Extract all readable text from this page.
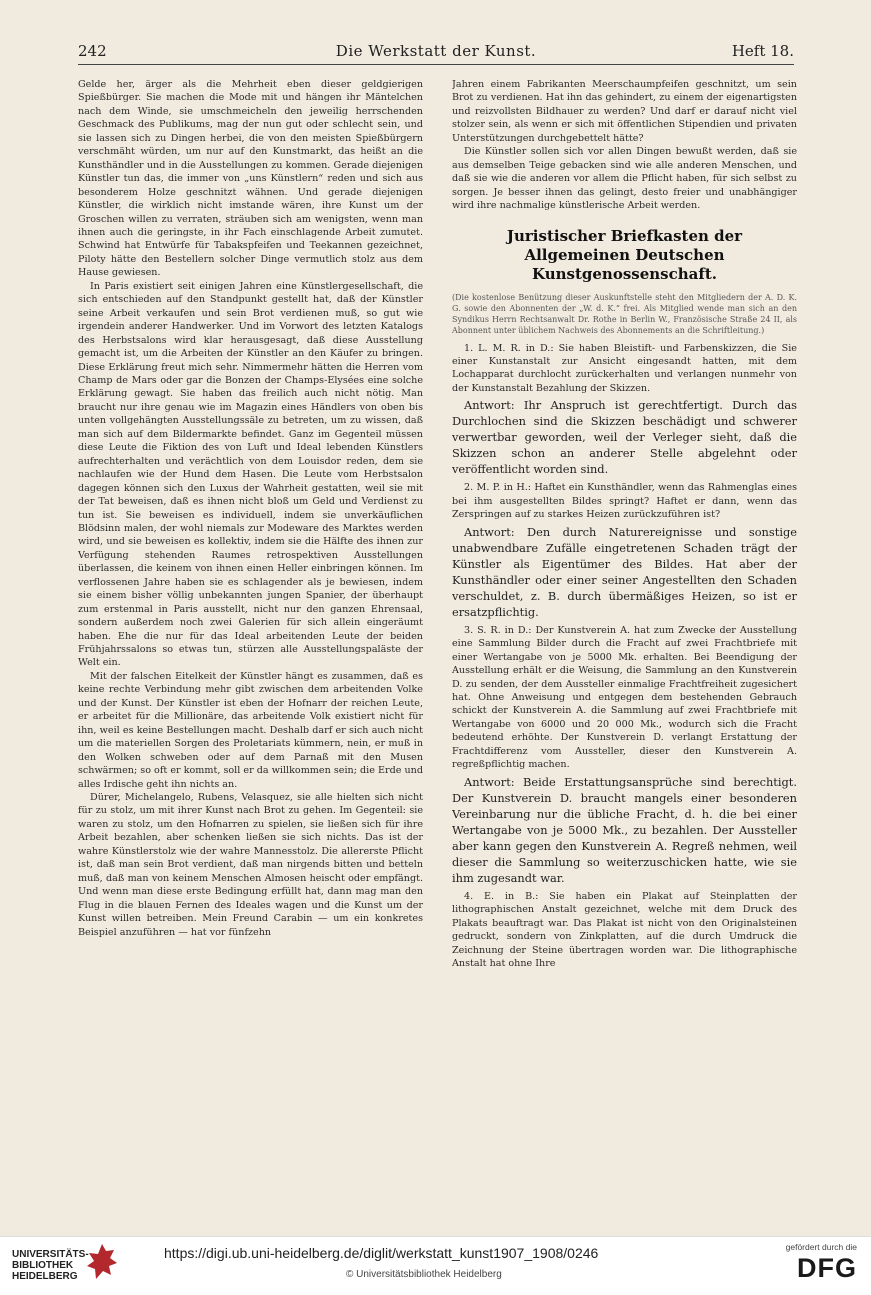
242	Die Werkstatt der Kunst.	Heft 18.

Gelde her, ärger als die Mehrheit eben dieser geldgierigen Spießbürger. Sie machen die Mode mit und hängen ihr Mäntelchen nach dem Winde, sie umschmeicheln den jeweilig herrschenden Geschmack des Publikums, mag der nun gut oder schlecht sein, und sie lassen sich zu Dingen herbei, die von den meisten Spießbürgern verschmäht würden, um nur auf den Kunstmarkt, das heißt an die Kunsthändler und in die Ausstellungen zu kommen. Gerade diejenigen Künstler tun das, die immer von „uns Künstlern“ reden und sich aus besonderem Holze geschnitzt wähnen. Und gerade diejenigen Künstler, die wirklich nicht imstande wären, ihre Kunst um der Groschen willen zu verraten, sträuben sich am wenigsten, wenn man ihnen auch die geringste, in ihr Fach einschlagende Arbeit zumutet. Schwind hat Entwürfe für Tabakspfeifen und Teekannen gezeichnet, Piloty hätte den Bestellern solcher Dinge vermutlich stolz aus dem Hause gewiesen.

In Paris existiert seit einigen Jahren eine Künstlergesellschaft, die sich entschieden auf den Standpunkt gestellt hat, daß der Künstler seine Arbeit verkaufen und sein Brot verdienen muß, so gut wie irgendein anderer Handwerker. Und im Vorwort des letzten Katalogs des Herbstsalons wird klar herausgesagt, daß diese Ausstellung gemacht ist, um die Arbeiten der Künstler an den Käufer zu bringen. Diese Erklärung freut mich sehr. Nimmermehr hätten die Herren vom Champ de Mars oder gar die Bonzen der Champs-Elysées eine solche Erklärung gewagt. Sie haben das freilich auch nicht nötig. Man braucht nur ihre genau wie im Magazin eines Händlers von oben bis unten vollgehängten Ausstellungssäle zu betreten, um zu wissen, daß man sich auf dem Bildermarkte befindet. Ganz im Gegenteil müssen diese Leute die Fiktion des von Luft und Ideal lebenden Künstlers aufrechterhalten und verächtlich von dem Louisdor reden, dem sie nachlaufen wie der Hund dem Hasen. Die Leute vom Herbstsalon dagegen können sich den Luxus der Wahrheit gestatten, weil sie mit der Tat beweisen, daß es ihnen nicht bloß um Geld und Verdienst zu tun ist. Sie beweisen es individuell, indem sie unverkäuflichen Blödsinn malen, der wohl niemals zur Modeware des Marktes werden wird, und sie beweisen es kollektiv, indem sie die Hälfte des ihnen zur Verfügung stehenden Raumes retrospektiven Ausstellungen überlassen, die keinem von ihnen einen Heller einbringen können. Im verflossenen Jahre haben sie es schlagender als je bewiesen, indem sie einem bisher völlig unbekannten jungen Spanier, der überhaupt zum erstenmal in Paris ausstellt, nicht nur den ganzen Ehrensaal, sondern außerdem noch zwei Galerien für sich allein eingeräumt haben. Ehe die nur für das Ideal arbeitenden Leute der beiden Frühjahrssalons so etwas tun, stürzen alle Ausstellungspaläste der Welt ein.

Mit der falschen Eitelkeit der Künstler hängt es zusammen, daß es keine rechte Verbindung mehr gibt zwischen dem arbeitenden Volke und der Kunst. Der Künstler ist eben der Hofnarr der reichen Leute, er arbeitet für die Millionäre, das arbeitende Volk existiert nicht für ihn, weil es keine Bestellungen macht. Deshalb darf er sich auch nicht um die materiellen Sorgen des Proletariats kümmern, nein, er muß in den Wolken schweben oder auf dem Parnaß mit den Musen schwärmen; so oft er kommt, soll er da willkommen sein; die Erde und alles Irdische geht ihn nichts an.

Dürer, Michelangelo, Rubens, Velasquez, sie alle hielten sich nicht für zu stolz, um mit ihrer Kunst nach Brot zu gehen. Im Gegenteil: sie waren zu stolz, um den Hofnarren zu spielen, sie ließen sich für ihre Arbeit bezahlen, aber schenken ließen sie sich nichts. Das ist der wahre Künstlerstolz wie der wahre Mannesstolz. Die allererste Pflicht ist, daß man sein Brot verdient, daß man nirgends bitten und betteln muß, daß man von keinem Menschen Almosen heischt oder empfängt. Und wenn man diese erste Bedingung erfüllt hat, dann mag man den Flug in die blauen Fernen des Ideales wagen und die Kunst um der Kunst willen betreiben. Mein Freund Carabin — um ein konkretes Beispiel anzuführen — hat vor fünfzehn

Jahren einem Fabrikanten Meerschaumpfeifen geschnitzt, um sein Brot zu verdienen. Hat ihn das gehindert, zu einem der eigenartigsten und reizvollsten Bildhauer zu werden? Und darf er darauf nicht viel stolzer sein, als wenn er sich mit öffentlichen Stipendien und privaten Unterstützungen durchgebettelt hätte?

Die Künstler sollen sich vor allen Dingen bewußt werden, daß sie aus demselben Teige gebacken sind wie alle anderen Menschen, und daß sie wie die anderen vor allem die Pflicht haben, für sich selbst zu sorgen. Je besser ihnen das gelingt, desto freier und unabhängiger wird ihre nachmalige künstlerische Arbeit werden.

Juristischer Briefkasten der Allgemeinen Deutschen Kunstgenossenschaft.

(Die kostenlose Benützung dieser Auskunftstelle steht den Mitgliedern der A. D. K. G. sowie den Abonnenten der „W. d. K.“ frei. Als Mitglied wende man sich an den Syndikus Herrn Rechtsanwalt Dr. Rothe in Berlin W., Französische Straße 24 II, als Abonnent unter üblichem Nachweis des Abonnements an die Schriftleitung.)

1. L. M. R. in D.: Sie haben Bleistift- und Farbenskizzen, die Sie einer Kunstanstalt zur Ansicht eingesandt hatten, mit dem Lochapparat durchlocht zurückerhalten und verlangen nunmehr von der Kunstanstalt Bezahlung der Skizzen.

Antwort: Ihr Anspruch ist gerechtfertigt. Durch das Durchlochen sind die Skizzen beschädigt und schwerer verwertbar geworden, weil der Verleger sieht, daß die Skizzen schon an anderer Stelle abgelehnt oder veröffentlicht worden sind.

2. M. P. in H.: Haftet ein Kunsthändler, wenn das Rahmenglas eines bei ihm ausgestellten Bildes springt? Haftet er dann, wenn das Zerspringen auf zu starkes Heizen zurückzuführen ist?

Antwort: Den durch Naturereignisse und sonstige unabwendbare Zufälle eingetretenen Schaden trägt der Künstler als Eigentümer des Bildes. Hat aber der Kunsthändler oder einer seiner Angestellten den Schaden verschuldet, z. B. durch übermäßiges Heizen, so ist er ersatzpflichtig.

3. S. R. in D.: Der Kunstverein A. hat zum Zwecke der Ausstellung eine Sammlung Bilder durch die Fracht auf zwei Frachtbriefe mit einer Wertangabe von je 5000 Mk. erhalten. Bei Beendigung der Ausstellung erhält er die Weisung, die Sammlung an den Kunstverein D. zu senden, der dem Aussteller einmalige Frachtfreiheit zugesichert hat. Ohne Anweisung und entgegen dem bestehenden Gebrauch schickt der Kunstverein A. die Sammlung auf zwei Frachtbriefe mit Wertangabe von 6000 und 20 000 Mk., wodurch sich die Fracht bedeutend erhöhte. Der Kunstverein D. verlangt Erstattung der Frachtdifferenz vom Aussteller, dieser den Kunstverein A. regreßpflichtig machen.

Antwort: Beide Erstattungsansprüche sind berechtigt. Der Kunstverein D. braucht mangels einer besonderen Vereinbarung nur die übliche Fracht, d. h. die bei einer Wertangabe von je 5000 Mk., zu bezahlen. Der Aussteller aber kann gegen den Kunstverein A. Regreß nehmen, weil dieser die Sammlung so weiterzuschicken hatte, wie sie ihm zugesandt war.

4. E. in B.: Sie haben ein Plakat auf Steinplatten der lithographischen Anstalt gezeichnet, welche mit dem Druck des Plakats beauftragt war. Das Plakat ist nicht von den Originalsteinen gedruckt, sondern von Zinkplatten, auf die durch Umdruck die Zeichnung der Steine übertragen worden war. Die lithographische Anstalt hat ohne Ihre

UNIVERSITÄTS-
BIBLIOTHEK
HEIDELBERG
https://digi.ub.uni-heidelberg.de/diglit/werkstatt_kunst1907_1908/0246
© Universitätsbibliothek Heidelberg
gefördert durch die
DFG
